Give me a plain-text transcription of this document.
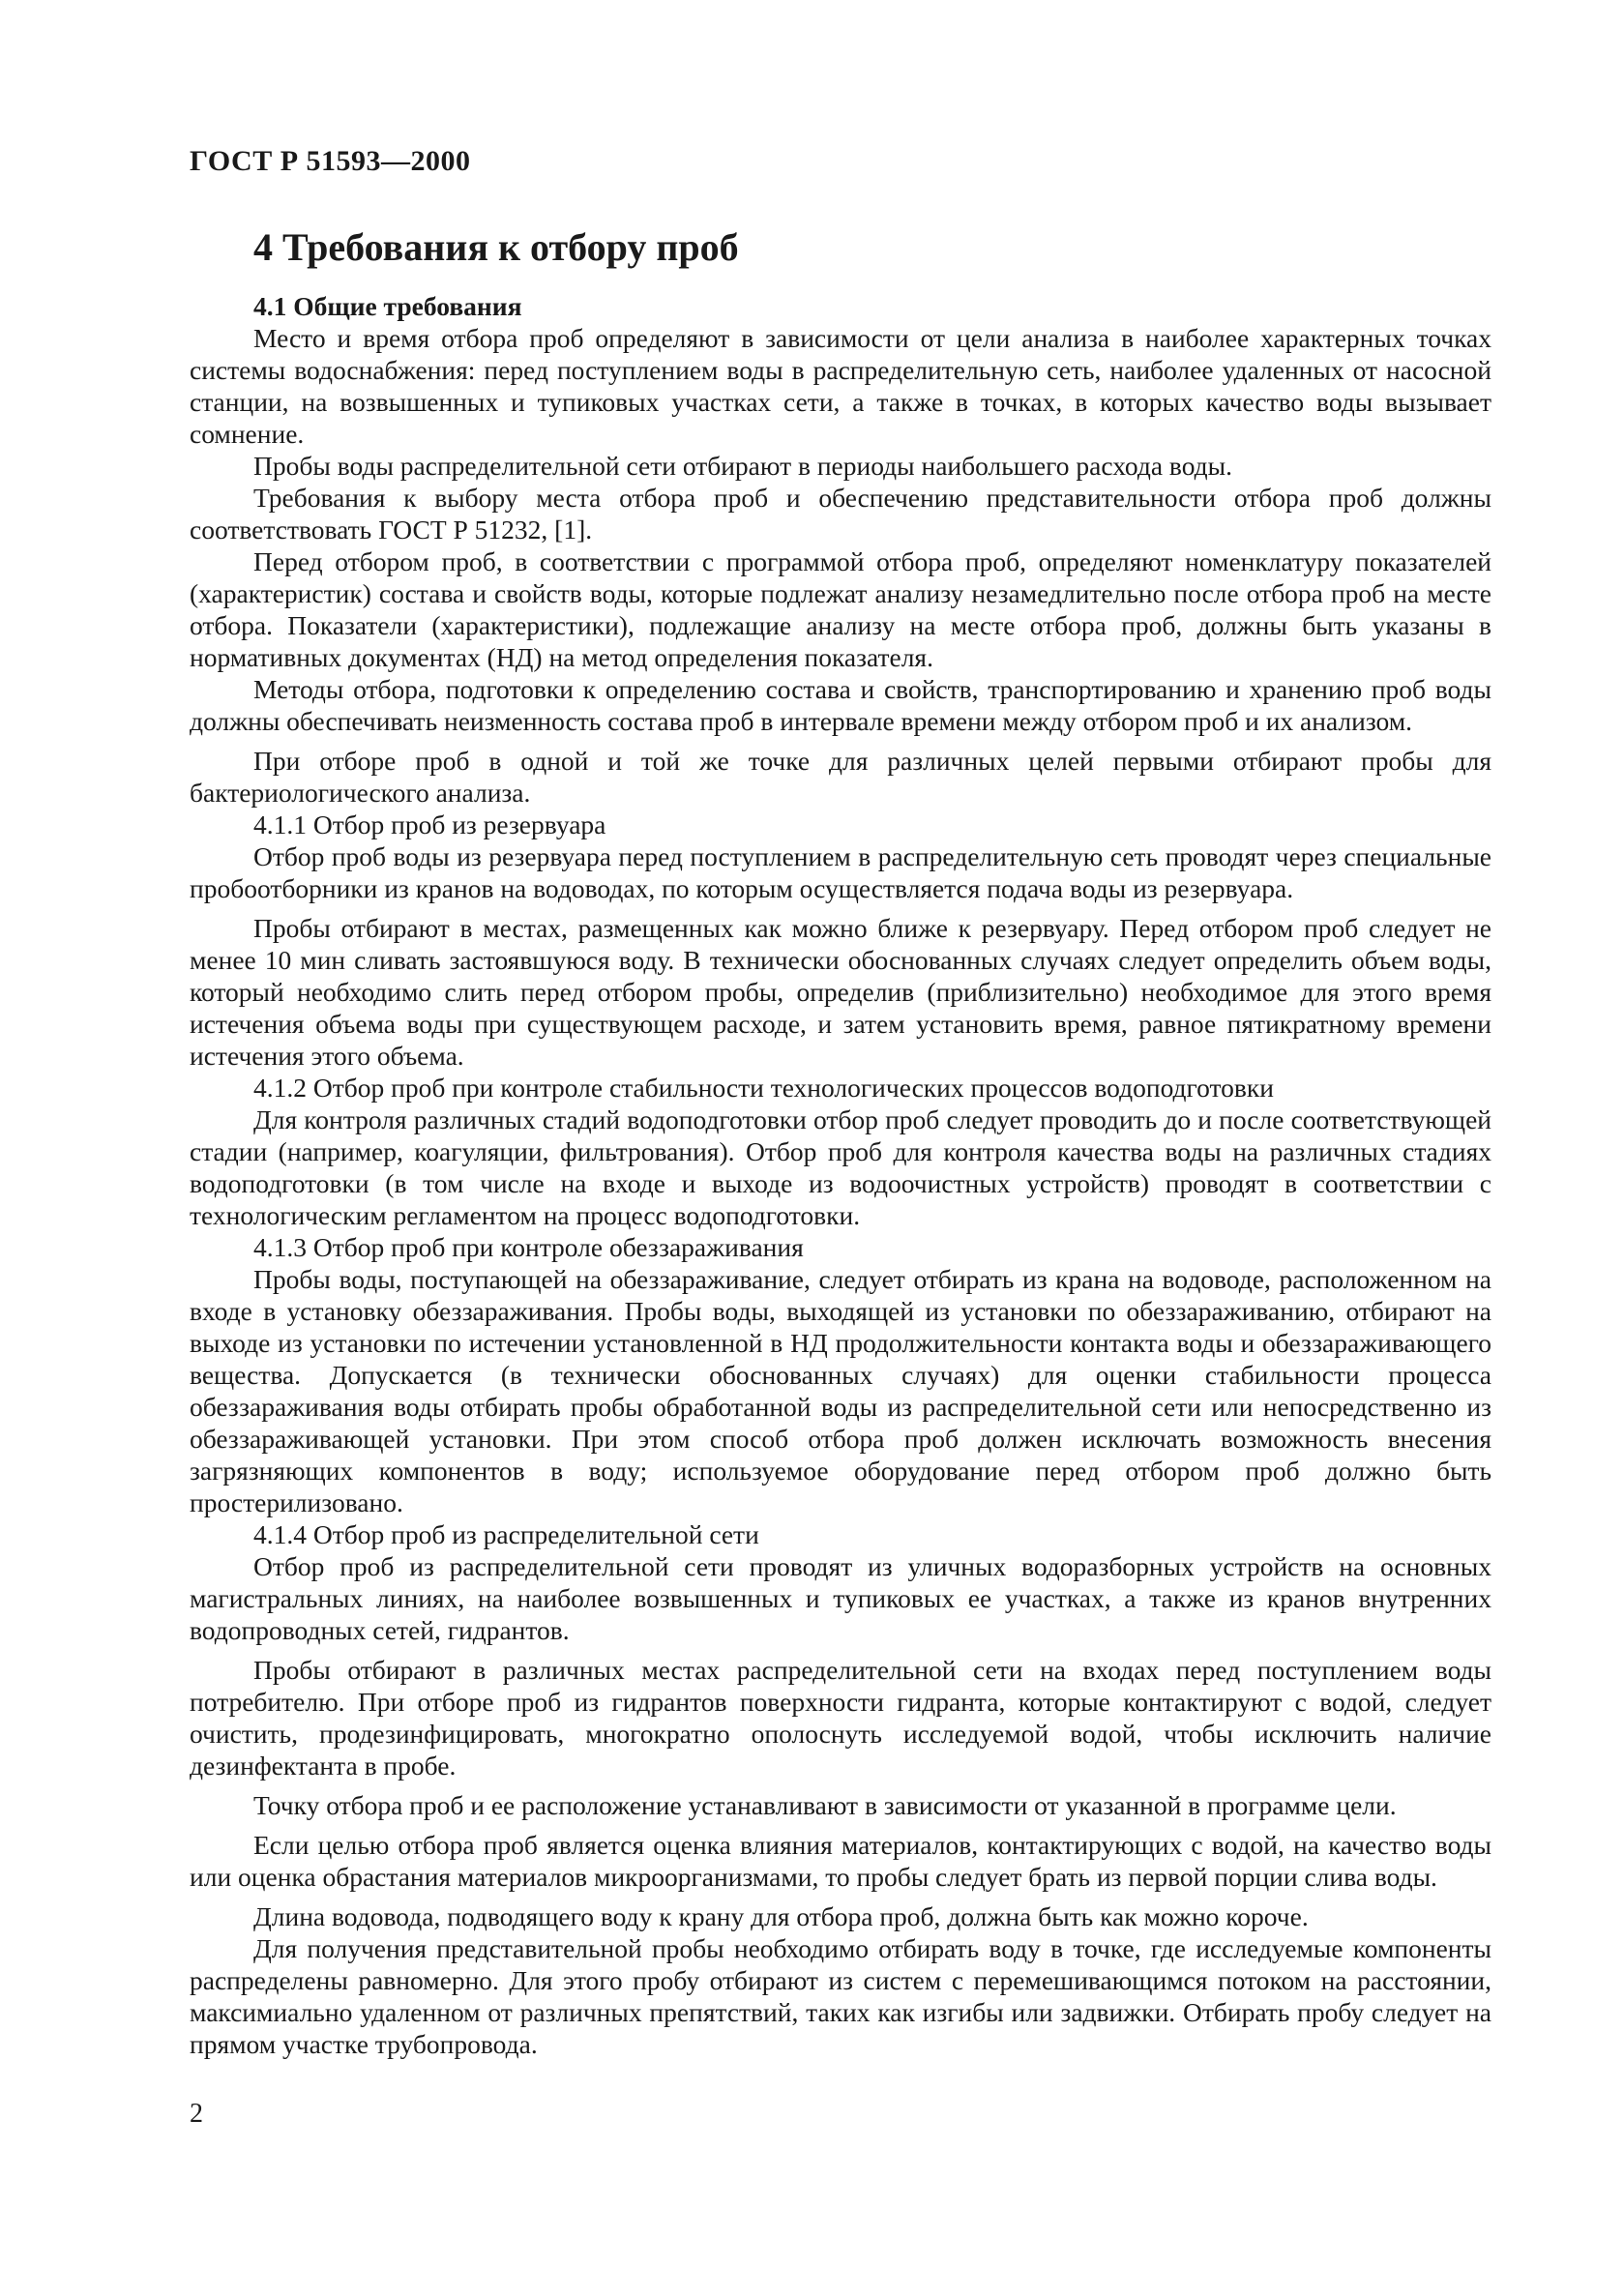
ГОСТ Р 51593—2000
4 Требования к отбору проб

4.1 Общие требования

Место и время отбора проб определяют в зависимости от цели анализа в наиболее характерных точках системы водоснабжения: перед поступлением воды в распределительную сеть, наиболее удаленных от насосной станции, на возвышенных и тупиковых участках сети, а также в точках, в которых качество воды вызывает сомнение.

Пробы воды распределительной сети отбирают в периоды наибольшего расхода воды.

Требования к выбору места отбора проб и обеспечению представительности отбора проб должны соответствовать ГОСТ Р 51232, [1].

Перед отбором проб, в соответствии с программой отбора проб, определяют номенклатуру показателей (характеристик) состава и свойств воды, которые подлежат анализу незамедлительно после отбора проб на месте отбора. Показатели (характеристики), подлежащие анализу на месте отбора проб, должны быть указаны в нормативных документах (НД) на метод определения показателя.

Методы отбора, подготовки к определению состава и свойств, транспортированию и хранению проб воды должны обеспечивать неизменность состава проб в интервале времени между отбором проб и их анализом.

При отборе проб в одной и той же точке для различных целей первыми отбирают пробы для бактериологического анализа.

4.1.1 Отбор проб из резервуара

Отбор проб воды из резервуара перед поступлением в распределительную сеть проводят через специальные пробоотборники из кранов на водоводах, по которым осуществляется подача воды из резервуара.

Пробы отбирают в местах, размещенных как можно ближе к резервуару. Перед отбором проб следует не менее 10 мин сливать застоявшуюся воду. В технически обоснованных случаях следует определить объем воды, который необходимо слить перед отбором пробы, определив (приблизительно) необходимое для этого время истечения объема воды при существующем расходе, и затем установить время, равное пятикратному времени истечения этого объема.

4.1.2 Отбор проб при контроле стабильности технологических процессов водоподготовки

Для контроля различных стадий водоподготовки отбор проб следует проводить до и после соответствующей стадии (например, коагуляции, фильтрования). Отбор проб для контроля качества воды на различных стадиях водоподготовки (в том числе на входе и выходе из водоочистных устройств) проводят в соответствии с технологическим регламентом на процесс водоподготовки.

4.1.3 Отбор проб при контроле обеззараживания

Пробы воды, поступающей на обеззараживание, следует отбирать из крана на водоводе, расположенном на входе в установку обеззараживания. Пробы воды, выходящей из установки по обеззараживанию, отбирают на выходе из установки по истечении установленной в НД продолжительности контакта воды и обеззараживающего вещества. Допускается (в технически обоснованных случаях) для оценки стабильности процесса обеззараживания воды отбирать пробы обработанной воды из распределительной сети или непосредственно из обеззараживающей установки. При этом способ отбора проб должен исключать возможность внесения загрязняющих компонентов в воду; используемое оборудование перед отбором проб должно быть простерилизовано.

4.1.4 Отбор проб из распределительной сети

Отбор проб из распределительной сети проводят из уличных водоразборных устройств на основных магистральных линиях, на наиболее возвышенных и тупиковых ее участках, а также из кранов внутренних водопроводных сетей, гидрантов.

Пробы отбирают в различных местах распределительной сети на входах перед поступлением воды потребителю. При отборе проб из гидрантов поверхности гидранта, которые контактируют с водой, следует очистить, продезинфицировать, многократно ополоснуть исследуемой водой, чтобы исключить наличие дезинфектанта в пробе.

Точку отбора проб и ее расположение устанавливают в зависимости от указанной в программе цели.

Если целью отбора проб является оценка влияния материалов, контактирующих с водой, на качество воды или оценка обрастания материалов микроорганизмами, то пробы следует брать из первой порции слива воды.

Длина водовода, подводящего воду к крану для отбора проб, должна быть как можно короче.

Для получения представительной пробы необходимо отбирать воду в точке, где исследуемые компоненты распределены равномерно. Для этого пробу отбирают из систем с перемешивающимся потоком на расстоянии, максимиально удаленном от различных препятствий, таких как изгибы или задвижки. Отбирать пробу следует на прямом участке трубопровода.

2
